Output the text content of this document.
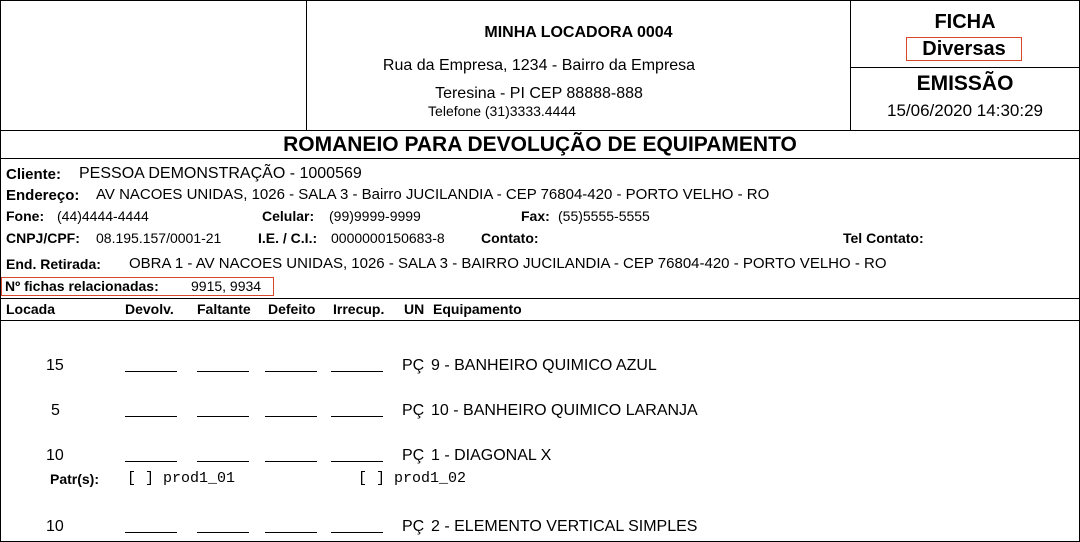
MINHA LOCADORA 0004
Rua da Empresa, 1234 - Bairro da Empresa
Teresina - PI CEP 88888-888
Telefone (31)3333.4444
FICHA
Diversas
EMISSÃO
15/06/2020 14:30:29
ROMANEIO PARA DEVOLUÇÃO DE EQUIPAMENTO
Cliente: PESSOA DEMONSTRAÇÃO - 1000569
Endereço: AV NACOES UNIDAS, 1026 - SALA 3 - Bairro JUCILANDIA - CEP 76804-420 - PORTO VELHO - RO
Fone: (44)4444-4444	Celular: (99)9999-9999	Fax: (55)5555-5555
CNPJ/CPF: 08.195.157/0001-21	I.E. / C.I.: 0000000150683-8	Contato:	Tel Contato:
End. Retirada: OBRA 1 - AV NACOES UNIDAS, 1026 - SALA 3 - BAIRRO JUCILANDIA - CEP 76804-420 - PORTO VELHO - RO
Nº fichas relacionadas: 9915, 9934
Locada	Devolv. Faltante Defeito Irrecup. UN Equipamento
15	PÇ 9 - BANHEIRO QUIMICO AZUL
5	PÇ 10 - BANHEIRO QUIMICO LARANJA
10	PÇ 1 - DIAGONAL X
Patr(s): [ ] prod1_01	[ ] prod1_02
10	PÇ 2 - ELEMENTO VERTICAL SIMPLES
